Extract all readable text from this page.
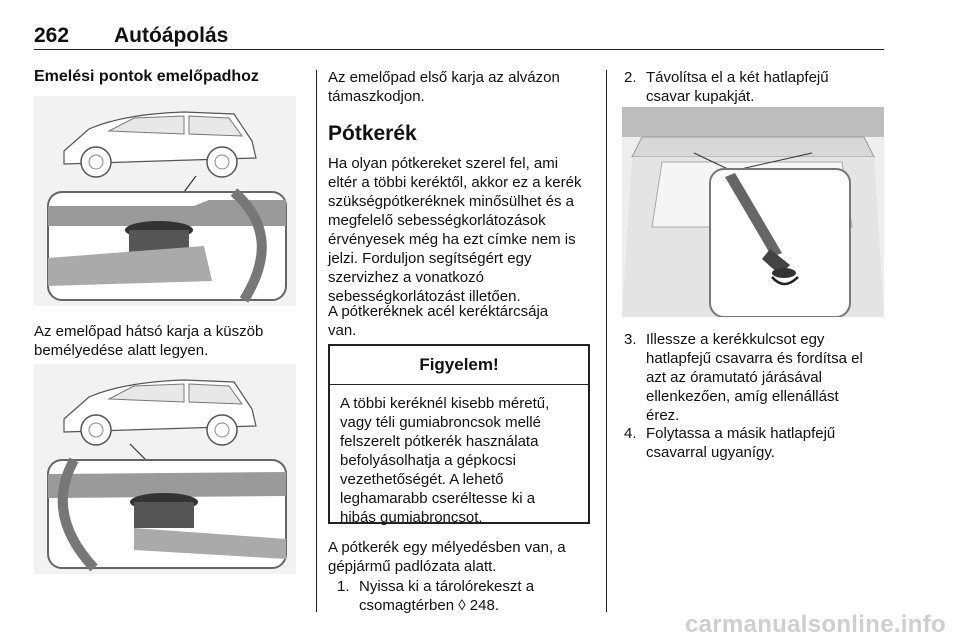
262 Autóápolás
Emelési pontok emelőpadhoz
Az emelőpad hátsó karja a küszöb
bemélyedése alatt legyen.
Az emelőpad első karja az alvázon
támaszkodjon.
Pótkerék
Ha olyan pótkereket szerel fel, ami
eltér a többi keréktől, akkor ez a kerék
szükségpótkeréknek minősülhet és a
megfelelő sebességkorlátozások
érvényesek még ha ezt címke nem is
jelzi. Forduljon segítségért egy
szervizhez a vonatkozó
sebességkorlátozást illetően.
A pótkeréknek acél keréktárcsája
van.
Figyelem!
A többi keréknél kisebb méretű,
vagy téli gumiabroncsok mellé
felszerelt pótkerék használata
befolyásolhatja a gépkocsi
vezethetőségét. A lehető
leghamarabb cseréltesse ki a
hibás gumiabroncsot.
A pótkerék egy mélyedésben van, a
gépjármű padlózata alatt.
1. Nyissa ki a tárolórekeszt a
csomagtérben ◊ 248.
2. Távolítsa el a két hatlapfejű
csavar kupakját.
3. Illessze a kerékkulcsot egy
hatlapfejű csavarra és fordítsa el
azt az óramutató járásával
ellenkezően, amíg ellenállást
érez.
4. Folytassa a másik hatlapfejű
csavarral ugyanígy.
carmanualsonline.info
